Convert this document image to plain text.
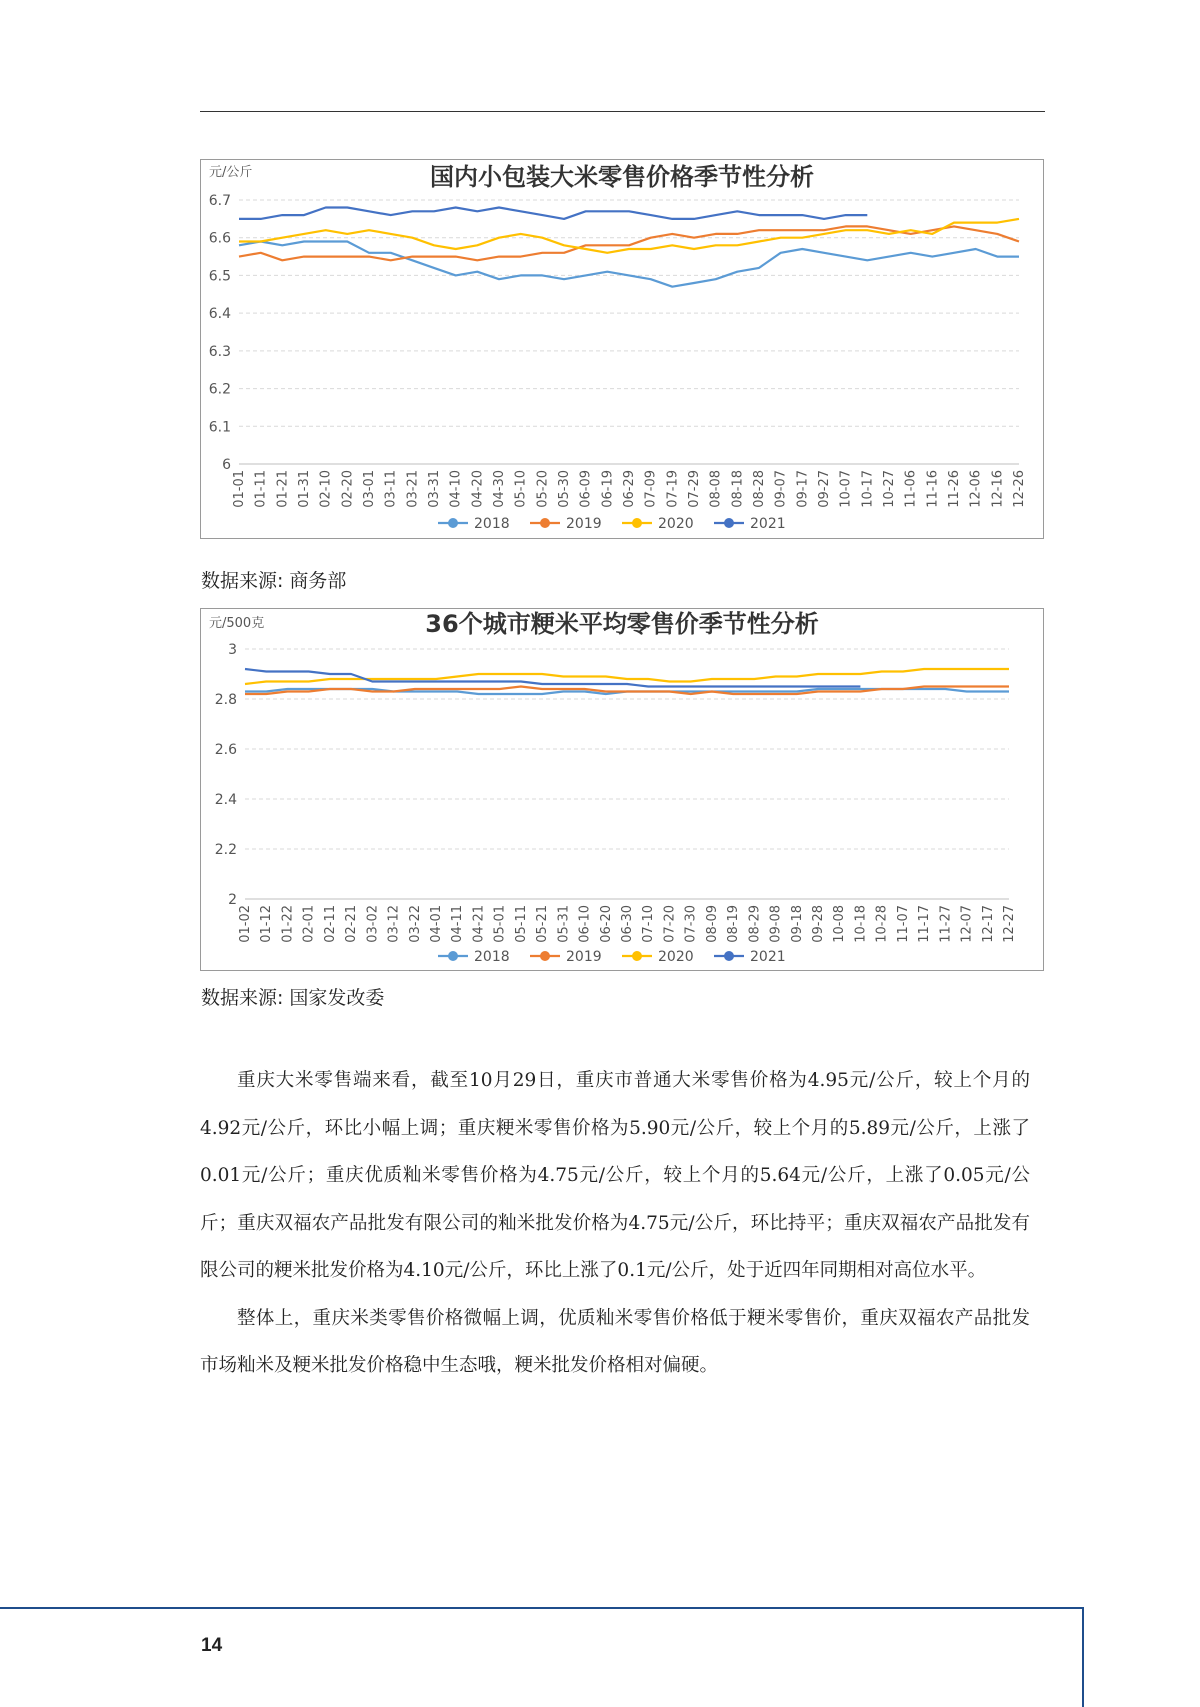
元/公斤	国内小包装大米零售价格季节性分析
6
6.1
6.2
6.3
6.4
6.5
6.6
6.7
01-01 01-11 01-21 01-31 02-10 02-20 03-01 03-11 03-21 03-31 04-10 04-20 04-30 05-10 05-20 05-30 06-09 06-19 06-29 07-09 07-19 07-29 08-08 08-18 08-28 09-07 09-17 09-27 10-07 10-17 10-27 11-06 11-16 11-26 12-06 12-16 12-26
2018	2019	2020	2021
数据来源: 商务部
元/500克	36个城市粳米平均零售价季节性分析
2
2.2
2.4
2.6
2.8
3
01-02 01-12 01-22 02-01 02-11 02-21 03-02 03-12 03-22 04-01 04-11 04-21 05-01 05-11 05-21 05-31 06-10 06-20 06-30 07-10 07-20 07-30 08-09 08-19 08-29 09-08 09-18 09-28 10-08 10-18 10-28 11-07 11-17 11-27 12-07 12-17 12-27
2018	2019	2020	2021
数据来源: 国家发改委

重庆大米零售端来看，截至10月29日，重庆市普通大米零售价格为4.95元/公斤，较上个月的4.92元/公斤，环比小幅上调；重庆粳米零售价格为5.90元/公斤，较上个月的5.89元/公斤，上涨了0.01元/公斤；重庆优质籼米零售价格为4.75元/公斤，较上个月的5.64元/公斤，上涨了0.05元/公斤；重庆双福农产品批发有限公司的籼米批发价格为4.75元/公斤，环比持平；重庆双福农产品批发有限公司的粳米批发价格为4.10元/公斤，环比上涨了0.1元/公斤，处于近四年同期相对高位水平。

整体上，重庆米类零售价格微幅上调，优质籼米零售价格低于粳米零售价，重庆双福农产品批发市场籼米及粳米批发价格稳中生态哦，粳米批发价格相对偏硬。

14
